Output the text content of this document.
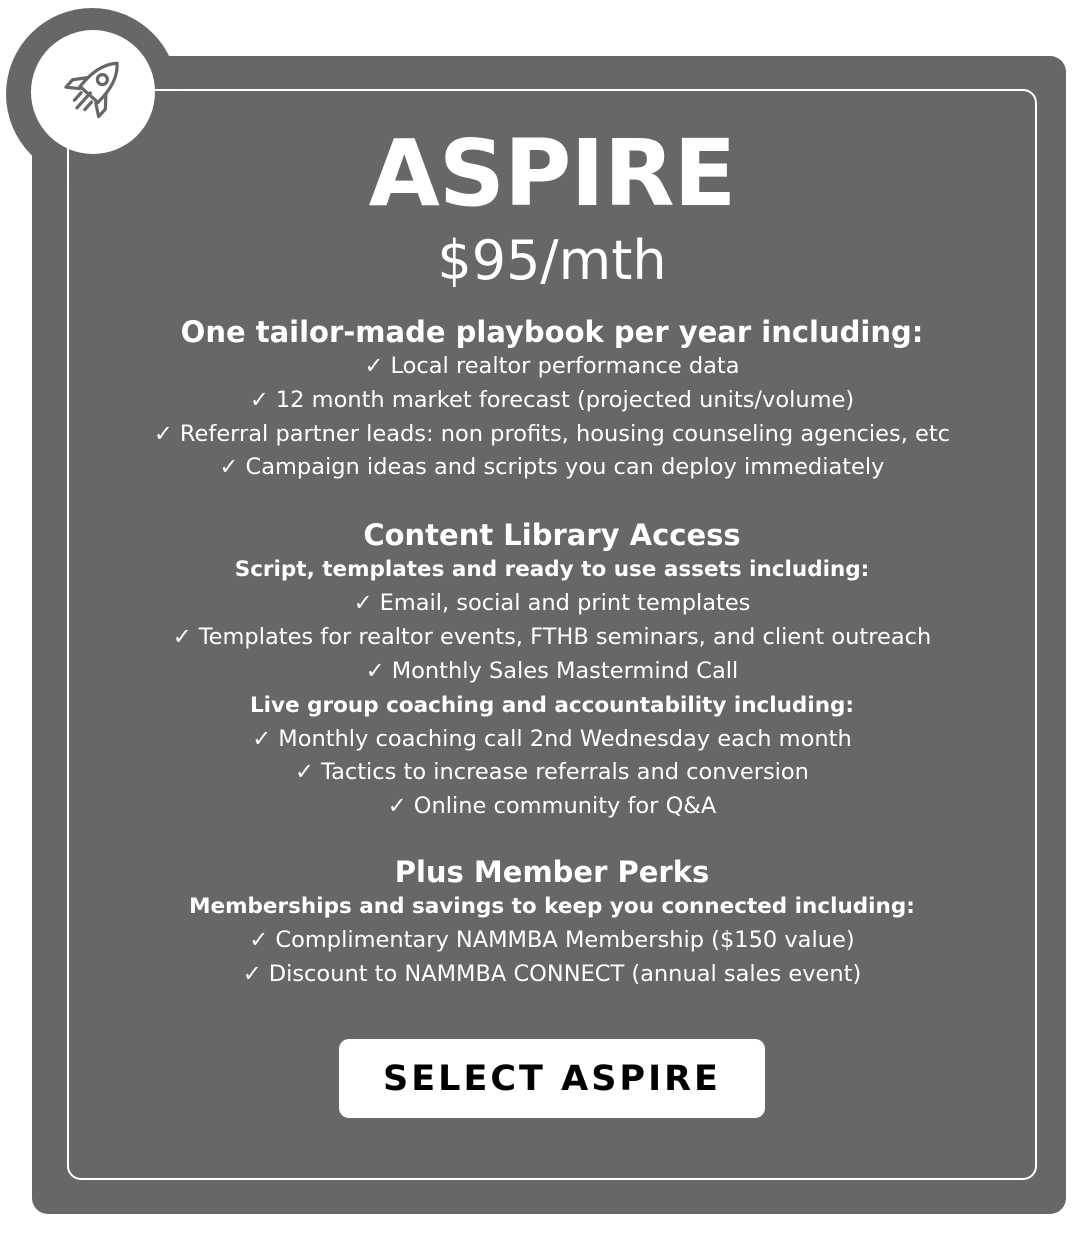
ASPIRE
$95/mth
One tailor-made playbook per year including:
✓ Local realtor performance data
✓ 12 month market forecast (projected units/volume)
✓ Referral partner leads: non profits, housing counseling agencies, etc
✓ Campaign ideas and scripts you can deploy immediately
Content Library Access
Script, templates and ready to use assets including:
✓ Email, social and print templates
✓ Templates for realtor events, FTHB seminars, and client outreach
✓ Monthly Sales Mastermind Call
Live group coaching and accountability including:
✓ Monthly coaching call 2nd Wednesday each month
✓ Tactics to increase referrals and conversion
✓ Online community for Q&A
Plus Member Perks
Memberships and savings to keep you connected including:
✓ Complimentary NAMMBA Membership ($150 value)
✓ Discount to NAMMBA CONNECT (annual sales event)
SELECT ASPIRE
